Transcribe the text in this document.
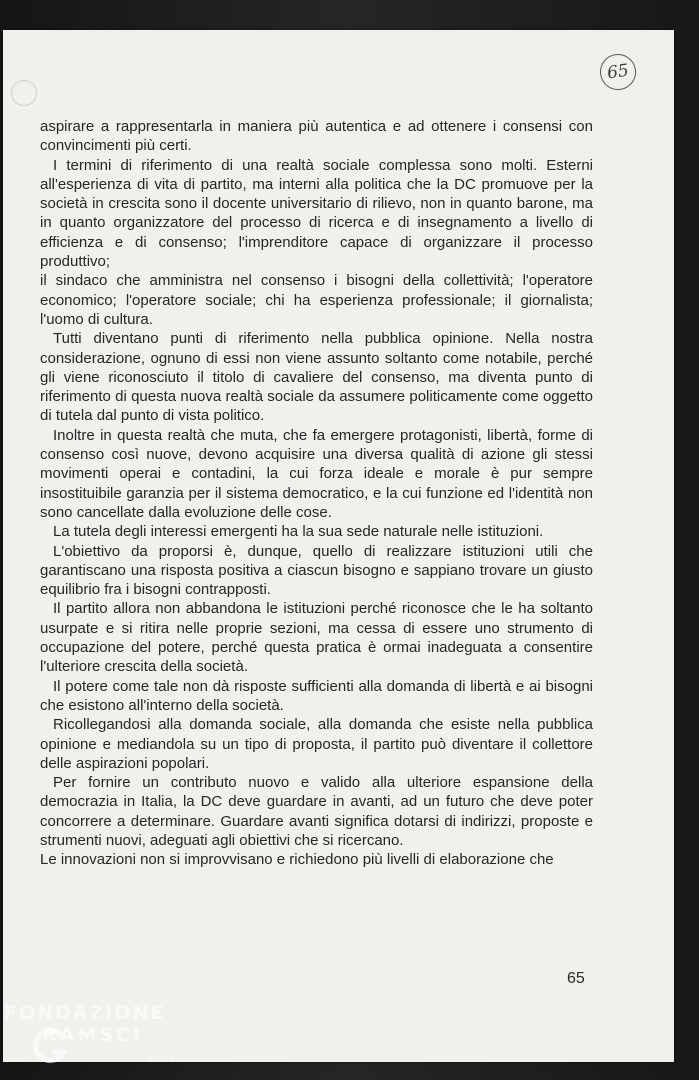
65

aspirare a rappresentarla in maniera più autentica e ad ottenere i consensi con convincimenti più certi.

I termini di riferimento di una realtà sociale complessa sono molti. Esterni all'esperienza di vita di partito, ma interni alla politica che la DC promuove per la società in crescita sono il docente universitario di rilievo, non in quanto barone, ma in quanto organizzatore del processo di ricerca e di insegnamento a livello di efficienza e di consenso; l'imprenditore capace di organizzare il processo produttivo;

il sindaco che amministra nel consenso i bisogni della collettività; l'operatore economico; l'operatore sociale; chi ha esperienza professionale; il giornalista; l'uomo di cultura.

Tutti diventano punti di riferimento nella pubblica opinione. Nella nostra considerazione, ognuno di essi non viene assunto soltanto come notabile, perché gli viene riconosciuto il titolo di cavaliere del consenso, ma diventa punto di riferimento di questa nuova realtà sociale da assumere politicamente come oggetto di tutela dal punto di vista politico.

Inoltre in questa realtà che muta, che fa emergere protagonisti, libertà, forme di consenso così nuove, devono acquisire una diversa qualità di azione gli stessi movimenti operai e contadini, la cui forza ideale e morale è pur sempre insostituibile garanzia per il sistema democratico, e la cui funzione ed l'identità non sono cancellate dalla evoluzione delle cose.

La tutela degli interessi emergenti ha la sua sede naturale nelle istituzioni.

L'obiettivo da proporsi è, dunque, quello di realizzare istituzioni utili che garantiscano una risposta positiva a ciascun bisogno e sappiano trovare un giusto equilibrio fra i bisogni contrapposti.

Il partito allora non abbandona le istituzioni perché riconosce che le ha soltanto usurpate e si ritira nelle proprie sezioni, ma cessa di essere uno strumento di occupazione del potere, perché questa pratica è ormai inadeguata a consentire l'ulteriore crescita della società.

Il potere come tale non dà risposte sufficienti alla domanda di libertà e ai bisogni che esistono all'interno della società.

Ricollegandosi alla domanda sociale, alla domanda che esiste nella pubblica opinione e mediandola su un tipo di proposta, il partito può diventare il collettore delle aspirazioni popolari.

Per fornire un contributo nuovo e valido alla ulteriore espansione della democrazia in Italia, la DC deve guardare in avanti, ad un futuro che deve poter concorrere a determinare. Guardare avanti significa dotarsi di indirizzi, proposte e strumenti nuovi, adeguati agli obiettivi che si ricercano.

Le innovazioni non si improvvisano e richiedono più livelli di elaborazione che

65
FONDAZIONE
RAMSCI
onlus
